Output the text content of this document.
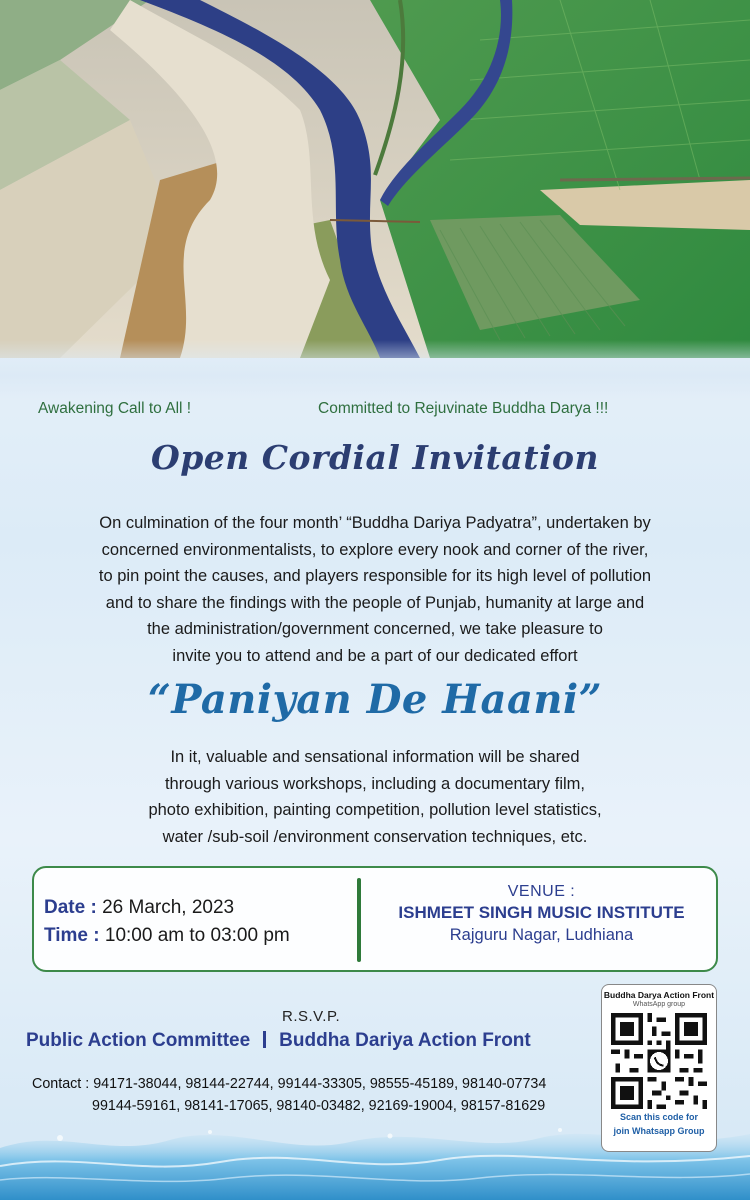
Awakening Call to All !	Committed to Rejuvinate Buddha Darya !!!
Open Cordial Invitation
On culmination of the four month’ “Buddha Dariya Padyatra”, undertaken by
concerned environmentalists, to explore every nook and corner of the river,
to pin point the causes, and players responsible for its high level of pollution
and to share the findings with the people of Punjab, humanity at large and
the administration/government concerned, we take pleasure to
invite you to attend and be a part of our dedicated effort
“Paniyan De Haani”
In it, valuable and sensational information will be shared
through various workshops, including a documentary film,
photo exhibition, painting competition, pollution level statistics,
water /sub-soil /environment conservation techniques, etc.
Date : 26 March, 2023
Time : 10:00 am to 03:00 pm
VENUE :
ISHMEET SINGH MUSIC INSTITUTE
Rajguru Nagar, Ludhiana
R.S.V.P.
Public Action Committee Buddha Dariya Action Front
Contact : 94171-38044, 98144-22744, 99144-33305, 98555-45189, 98140-07734
99144-59161, 98141-17065, 98140-03482, 92169-19004, 98157-81629
Buddha Darya Action Front
WhatsApp group
Scan this code for
join Whatsapp Group
